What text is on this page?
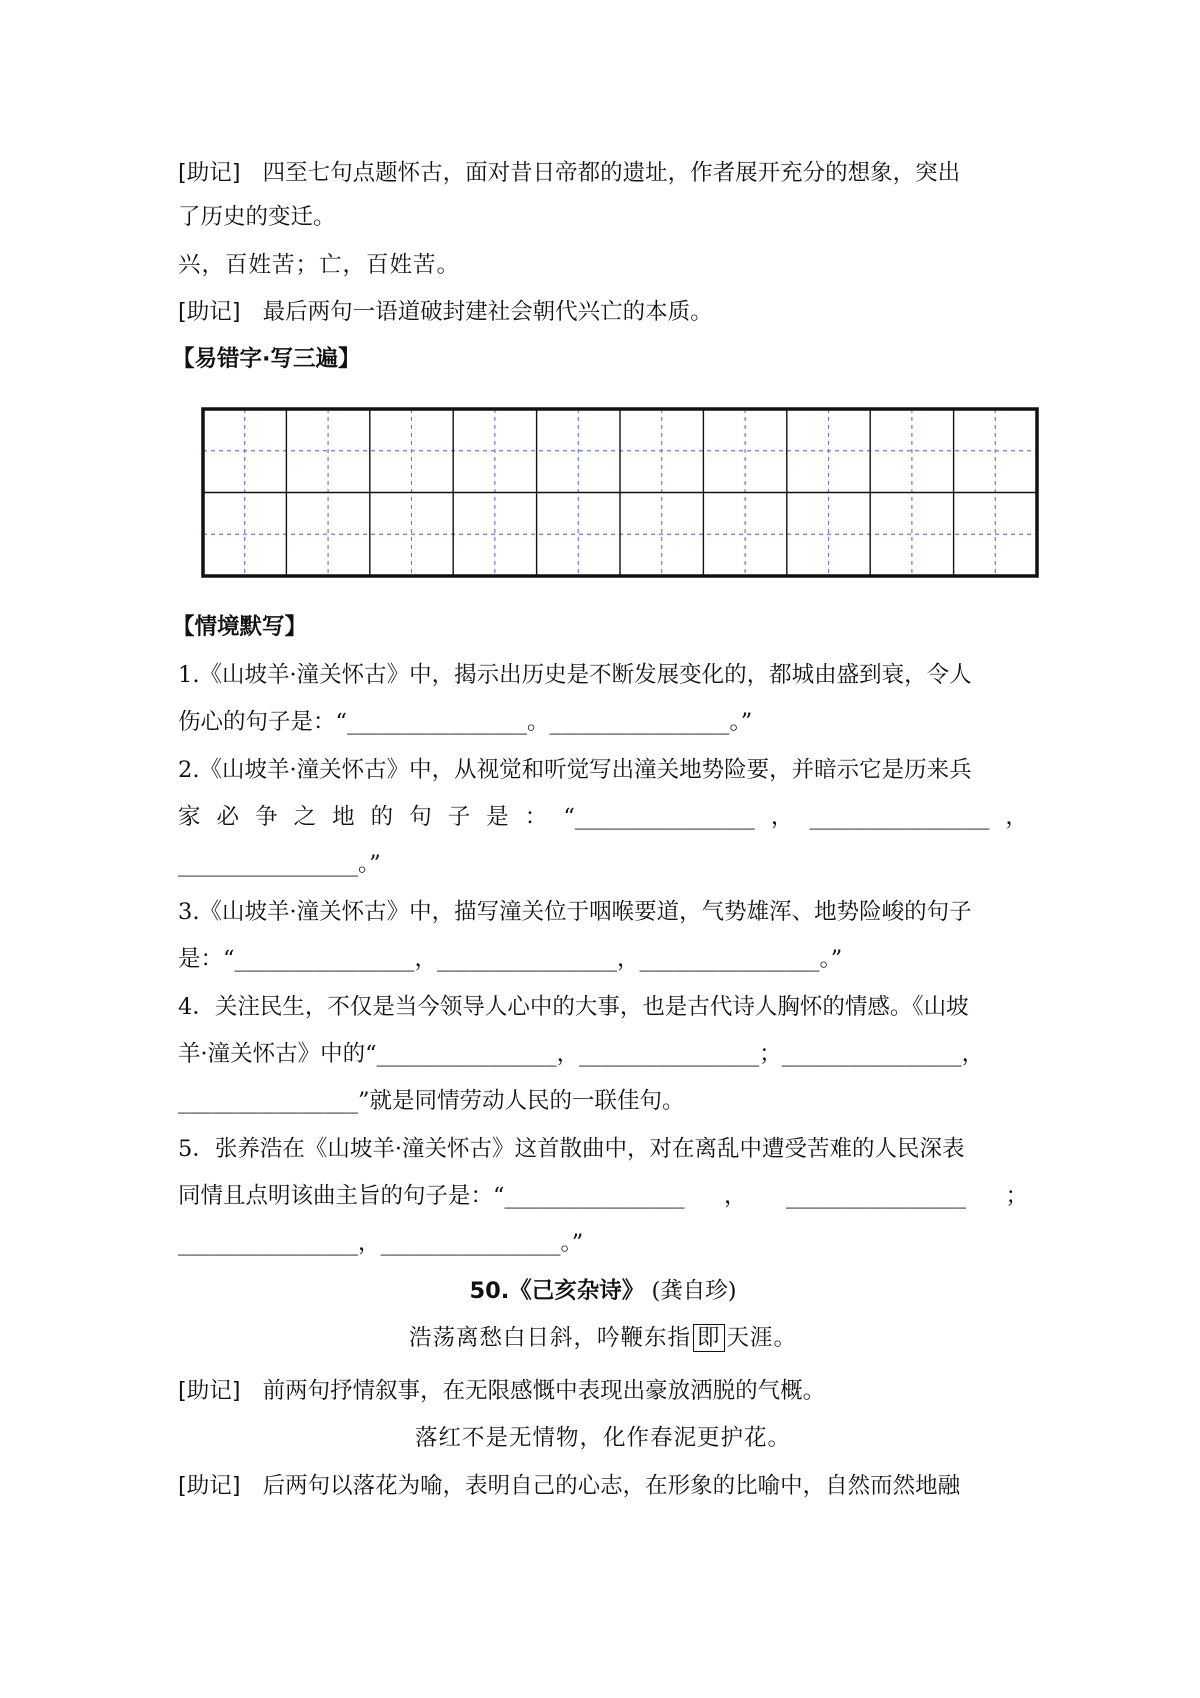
[助记] 四至七句点题怀古，面对昔日帝都的遗址，作者展开充分的想象，突出
了历史的变迁。
兴，百姓苦；亡，百姓苦。
[助记] 最后两句一语道破封建社会朝代兴亡的本质。
【易错字·写三遍】
【情境默写】
1.《山坡羊·潼关怀古》中，揭示出历史是不断发展变化的，都城由盛到衰，令人
伤心的句子是：“________________。________________。”
2.《山坡羊·潼关怀古》中，从视觉和听觉写出潼关地势险要，并暗示它是历来兵
家 必 争 之 地 的 句 子 是 ： “________________ ， ________________ ，
________________。”
3.《山坡羊·潼关怀古》中，描写潼关位于咽喉要道，气势雄浑、地势险峻的句子
是：“________________，________________，________________。”
4．关注民生，不仅是当今领导人心中的大事，也是古代诗人胸怀的情感。《山坡
羊·潼关怀古》中的“________________，________________；________________，
________________”就是同情劳动人民的一联佳句。
5．张养浩在《山坡羊·潼关怀古》这首散曲中，对在离乱中遭受苦难的人民深表
同情且点明该曲主旨的句子是：“________________ ， ________________ ；
________________，________________。”
50.《己亥杂诗》 (龚自珍)
浩荡离愁白日斜，吟鞭东指 即 天涯。
[助记] 前两句抒情叙事，在无限感慨中表现出豪放洒脱的气概。
落红不是无情物，化作春泥更护花。
[助记] 后两句以落花为喻，表明自己的心志，在形象的比喻中，自然而然地融
